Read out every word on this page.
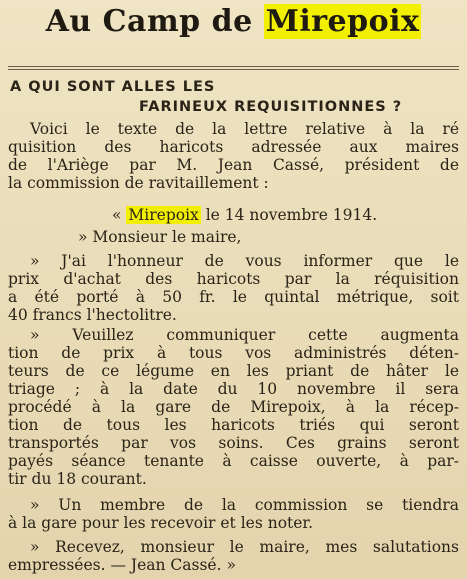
Au Camp de Mirepoix
A QUI SONT ALLES LES
FARINEUX REQUISITIONNES ?
Voici le texte de la lettre relative à la ré
quisition des haricots adressée aux maires
de l'Ariège par M. Jean Cassé, président de
la commission de ravitaillement :
« Mirepoix le 14 novembre 1914.
» Monsieur le maire,
» J'ai l'honneur de vous informer que le
prix d'achat des haricots par la réquisition
a été porté à 50 fr. le quintal métrique, soit
40 francs l'hectolitre.
» Veuillez communiquer cette augmenta
tion de prix à tous vos administrés déten-
teurs de ce légume en les priant de hâter le
triage ; à la date du 10 novembre il sera
procédé à la gare de Mirepoix, à la récep-
tion de tous les haricots triés qui seront
transportés par vos soins. Ces grains seront
payés séance tenante à caisse ouverte, à par-
tir du 18 courant.
» Un membre de la commission se tiendra
à la gare pour les recevoir et les noter.
» Recevez, monsieur le maire, mes salutations
empressées. — Jean Cassé. »
